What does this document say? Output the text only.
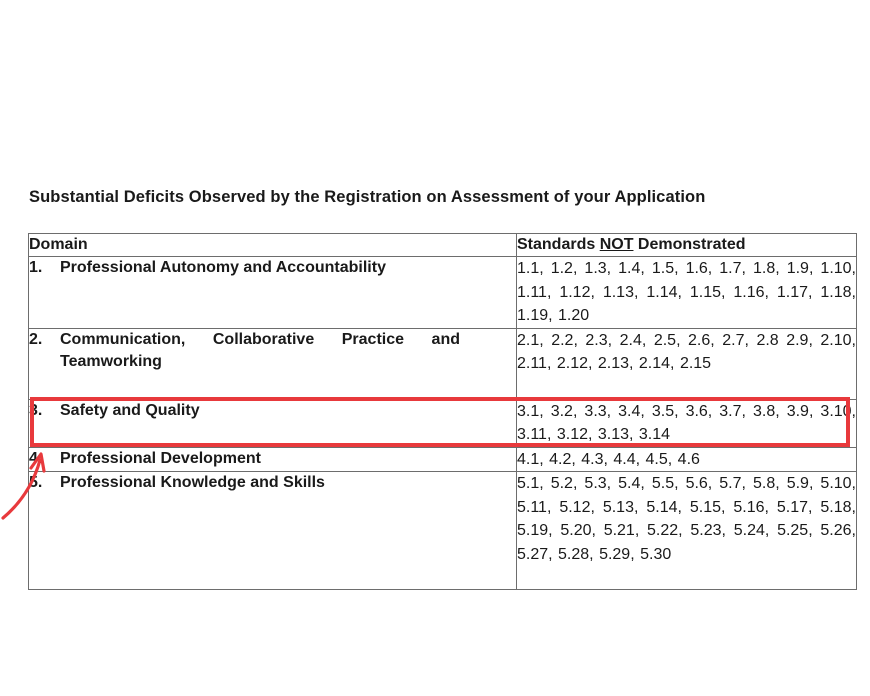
Substantial Deficits Observed by the Registration on Assessment of your Application
Domain	Standards NOT Demonstrated

1. Professional Autonomy and Accountability	1.1, 1.2, 1.3, 1.4, 1.5, 1.6, 1.7, 1.8, 1.9, 1.10, 1.11, 1.12, 1.13, 1.14, 1.15, 1.16, 1.17, 1.18, 1.19, 1.20

2. Communication, Collaborative Practice and Teamworking	2.1, 2.2, 2.3, 2.4, 2.5, 2.6, 2.7, 2.8 2.9, 2.10, 2.11, 2.12, 2.13, 2.14, 2.15

3. Safety and Quality	3.1, 3.2, 3.3, 3.4, 3.5, 3.6, 3.7, 3.8, 3.9, 3.10, 3.11, 3.12, 3.13, 3.14

4. Professional Development	4.1, 4.2, 4.3, 4.4, 4.5, 4.6

5. Professional Knowledge and Skills	5.1, 5.2, 5.3, 5.4, 5.5, 5.6, 5.7, 5.8, 5.9, 5.10, 5.11, 5.12, 5.13, 5.14, 5.15, 5.16, 5.17, 5.18, 5.19, 5.20, 5.21, 5.22, 5.23, 5.24, 5.25, 5.26, 5.27, 5.28, 5.29, 5.30
